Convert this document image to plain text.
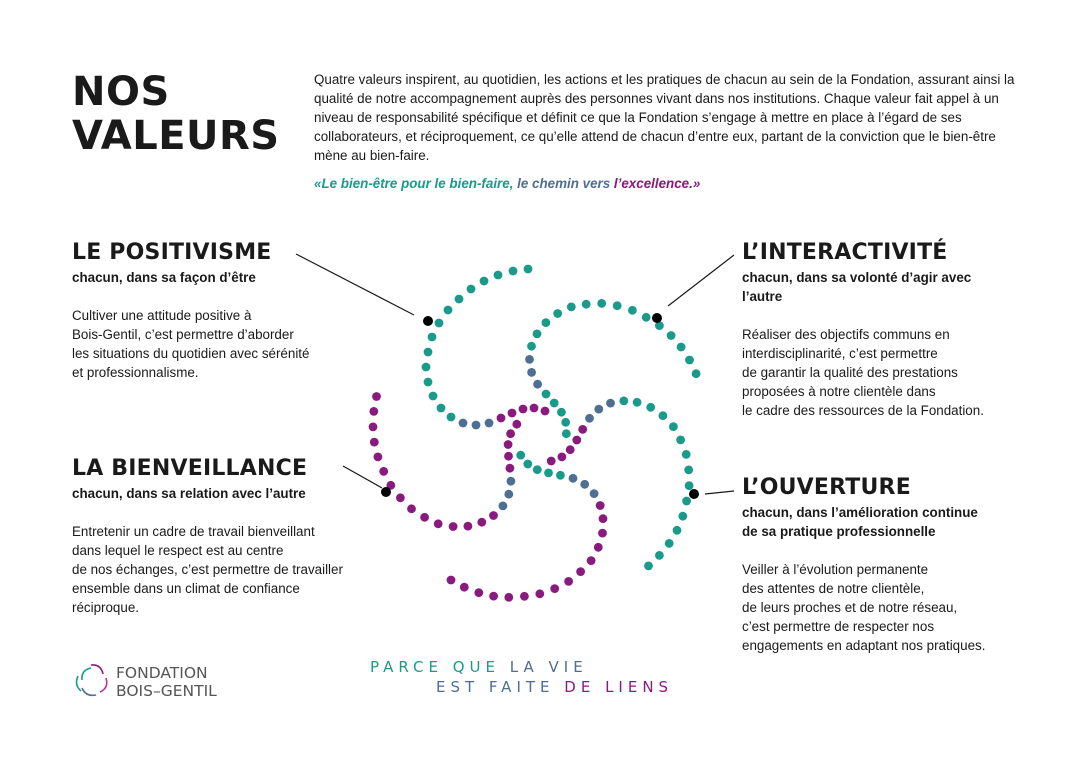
NOS
VALEURS

Quatre valeurs inspirent, au quotidien, les actions et les pratiques de chacun au sein de la Fondation, assurant ainsi la qualité de notre accompagnement auprès des personnes vivant dans nos institutions. Chaque valeur fait appel à un niveau de responsabilité spécifique et définit ce que la Fondation s’engage à mettre en place à l’égard de ses collaborateurs, et réciproquement, ce qu’elle attend de chacun d’entre eux, partant de la conviction que le bien-être mène au bien-faire.

«Le bien-être pour le bien-faire, le chemin vers l’excellence.»

LE POSITIVISME

chacun, dans sa façon d’être

Cultiver une attitude positive à
Bois-Gentil, c’est permettre d’aborder
les situations du quotidien avec sérénité
et professionnalisme.

LA BIENVEILLANCE

chacun, dans sa relation avec l’autre

Entretenir un cadre de travail bienveillant
dans lequel le respect est au centre
de nos échanges, c’est permettre de travailler
ensemble dans un climat de confiance
réciproque.

L’INTERACTIVITÉ

chacun, dans sa volonté d’agir avec
l’autre

Réaliser des objectifs communs en
interdisciplinarité, c’est permettre
de garantir la qualité des prestations
proposées à notre clientèle dans
le cadre des ressources de la Fondation.

L’OUVERTURE

chacun, dans l’amélioration continue
de sa pratique professionnelle

Veiller à l’évolution permanente
des attentes de notre clientèle,
de leurs proches et de notre réseau,
c’est permettre de respecter nos
engagements en adaptant nos pratiques.

FONDATION
BOIS–GENTIL

PARCE QUE LA VIE
EST FAITE DE LIENS
